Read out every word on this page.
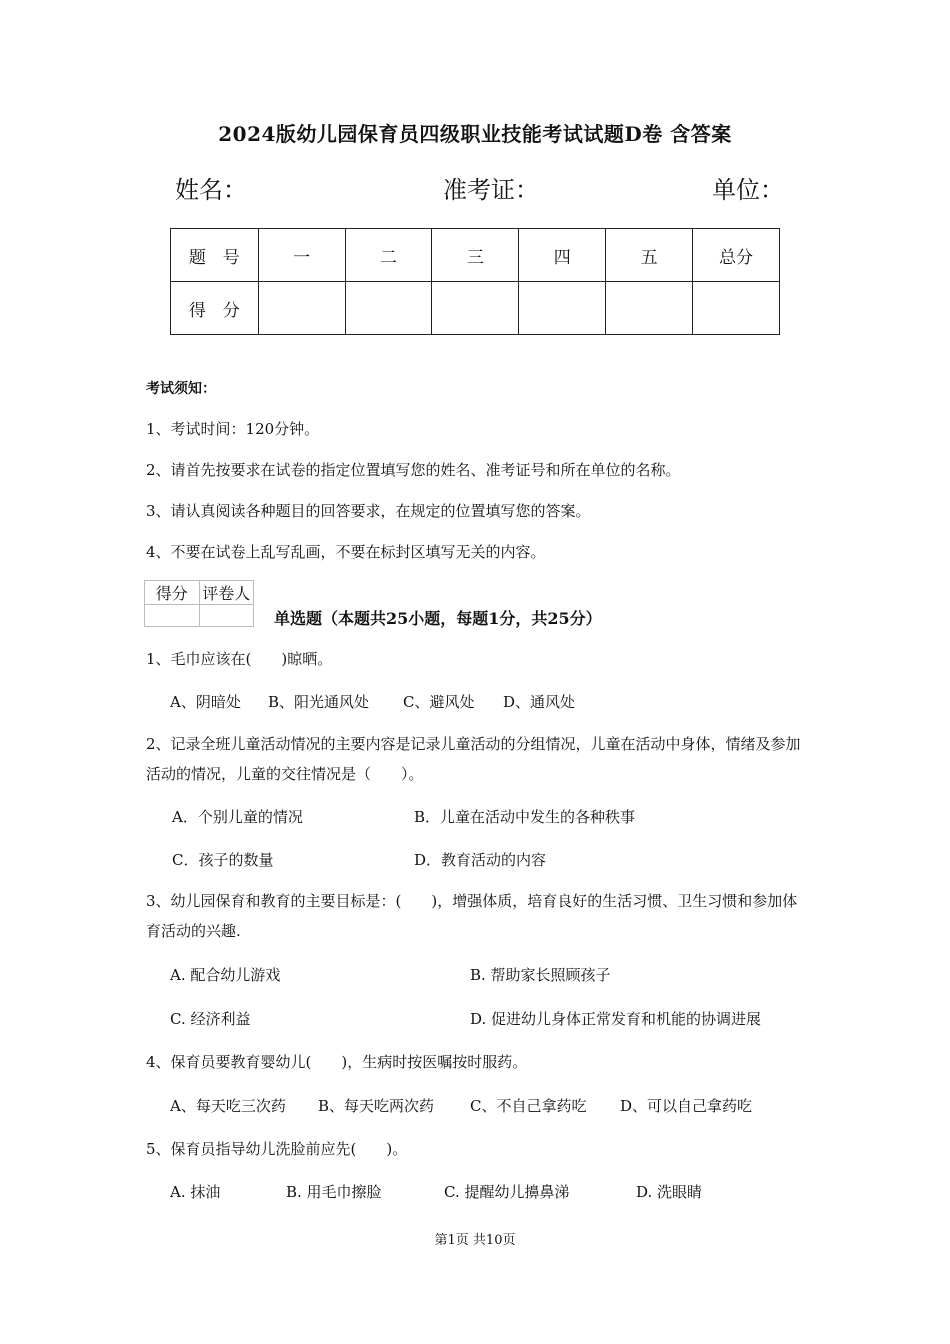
2024版幼儿园保育员四级职业技能考试试题D卷 含答案
姓名：	准考证：	单位：
题　号	一	二	三	四	五	总分
得　分						
考试须知：
1、考试时间：120分钟。
2、请首先按要求在试卷的指定位置填写您的姓名、准考证号和所在单位的名称。
3、请认真阅读各种题目的回答要求，在规定的位置填写您的答案。
4、不要在试卷上乱写乱画，不要在标封区填写无关的内容。
得分	评卷人

单选题（本题共25小题，每题1分，共25分）
1、毛巾应该在(　　)晾晒。
A、阴暗处 B、阳光通风处 C、避风处 D、通风处
2、记录全班儿童活动情况的主要内容是记录儿童活动的分组情况，儿童在活动中身体，情绪及参加活动的情况，儿童的交往情况是（　　）。
A．个别儿童的情况	B．儿童在活动中发生的各种秩事
C．孩子的数量	D．教育活动的内容
3、幼儿园保育和教育的主要目标是：(　　)，增强体质，培育良好的生活习惯、卫生习惯和参加体育活动的兴趣.
A. 配合幼儿游戏	B. 帮助家长照顾孩子
C. 经济利益	D. 促进幼儿身体正常发育和机能的协调进展
4、保育员要教育婴幼儿(　　)，生病时按医嘱按时服药。
A、每天吃三次药 B、每天吃两次药 C、不自己拿药吃 D、可以自己拿药吃
5、保育员指导幼儿洗脸前应先(　　)。
A. 抹油	B. 用毛巾擦脸	C. 提醒幼儿擤鼻涕	D. 洗眼睛
第1页 共10页
